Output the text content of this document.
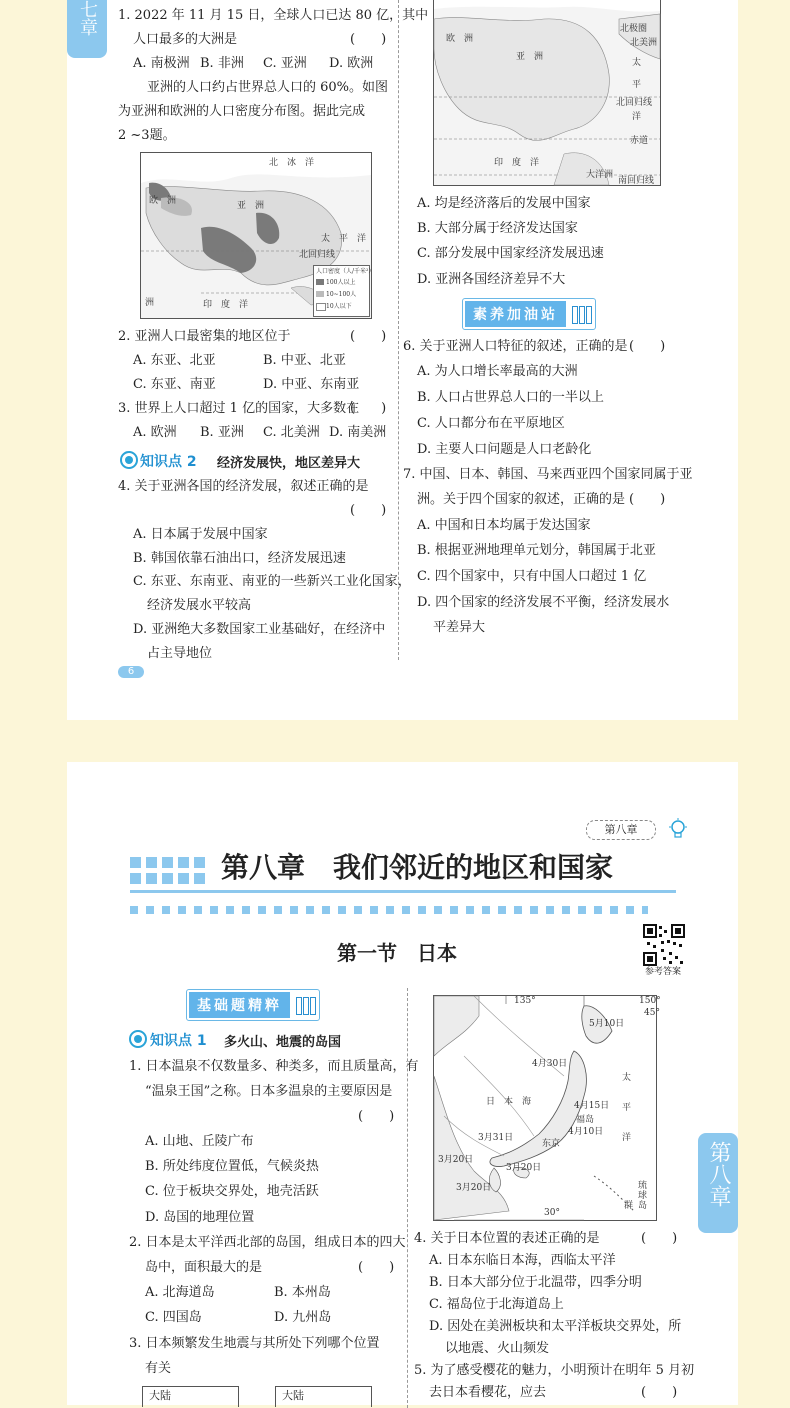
七章	1. 2022 年 11 月 15 日，全球人口已达 80 亿，其中
人口最多的大洲是	(　　)
A. 南极洲 B. 非洲 C. 亚洲 D. 欧洲
亚洲的人口约占世界总人口的 60%。如图
为亚洲和欧洲的人口密度分布图。据此完成
2 ~3题。
北　冰　洋
欧　洲	亚　洲
太　平　洋
北回归线
印　度　洋
洲
人口密度（人/千米²）
100人以上
10~100人
10人以下
2. 亚洲人口最密集的地区位于	(　　)
A. 东亚、北亚	B. 中亚、北亚
C. 东亚、南亚	D. 中亚、东南亚
3. 世界上人口超过 1 亿的国家，大多数在
(　　)
A. 欧洲 B. 亚洲 C. 北美洲 D. 南美洲
知识点 2 经济发展快，地区差异大
4. 关于亚洲各国的经济发展，叙述正确的是
(　　)
A. 日本属于发展中国家
B. 韩国依靠石油出口，经济发展迅速
C. 东亚、东南亚、南亚的一些新兴工业化国家，
经济发展水平较高
D. 亚洲绝大多数国家工业基础好，在经济中
占主导地位
6
北极圈
北美洲
欧　洲
亚　洲
太
平
北回归线
洋
赤道
印　度　洋
大洋洲
南回归线
A. 均是经济落后的发展中国家
B. 大部分属于经济发达国家
C. 部分发展中国家经济发展迅速
D. 亚洲各国经济差异不大
素养加油站
6. 关于亚洲人口特征的叙述，正确的是 (　　)
A. 为人口增长率最高的大洲
B. 人口占世界总人口的一半以上
C. 人口都分布在平原地区
D. 主要人口问题是人口老龄化
7. 中国、日本、韩国、马来西亚四个国家同属于亚
洲。关于四个国家的叙述，正确的是 (　　)
A. 中国和日本均属于发达国家
B. 根据亚洲地理单元划分，韩国属于北亚
C. 四个国家中，只有中国人口超过 1 亿
D. 四个国家的经济发展不平衡，经济发展水
平差异大
第八章
第八章　我们邻近的地区和国家
第一节　日本
参考答案
第八章
基础题精粹
知识点 1 多火山、地震的岛国
1. 日本温泉不仅数量多、种类多，而且质量高，有
“温泉王国”之称。日本多温泉的主要原因是
(　　)
A. 山地、丘陵广布
B. 所处纬度位置低，气候炎热
C. 位于板块交界处，地壳活跃
D. 岛国的地理位置
2. 日本是太平洋西北部的岛国，组成日本的四大
岛中，面积最大的是	(　　)
A. 北海道岛	B. 本州岛
C. 四国岛	D. 九州岛
3. 日本频繁发生地震与其所处下列哪个位置
有关
大陆	大陆
135°	150°
45°
5月10日
4月30日
太
日　本　海
平
4月15日
福岛
洋
3月31日
东京
4月10日
3月20日
3月20日
3月20日	琉
球
群 岛
30°
4. 关于日本位置的表述正确的是	(　　)
A. 日本东临日本海，西临太平洋
B. 日本大部分位于北温带，四季分明
C. 福岛位于北海道岛上
D. 因处在美洲板块和太平洋板块交界处，所
以地震、火山频发
5. 为了感受樱花的魅力，小明预计在明年 5 月初
去日本看樱花，应去	(　　)
